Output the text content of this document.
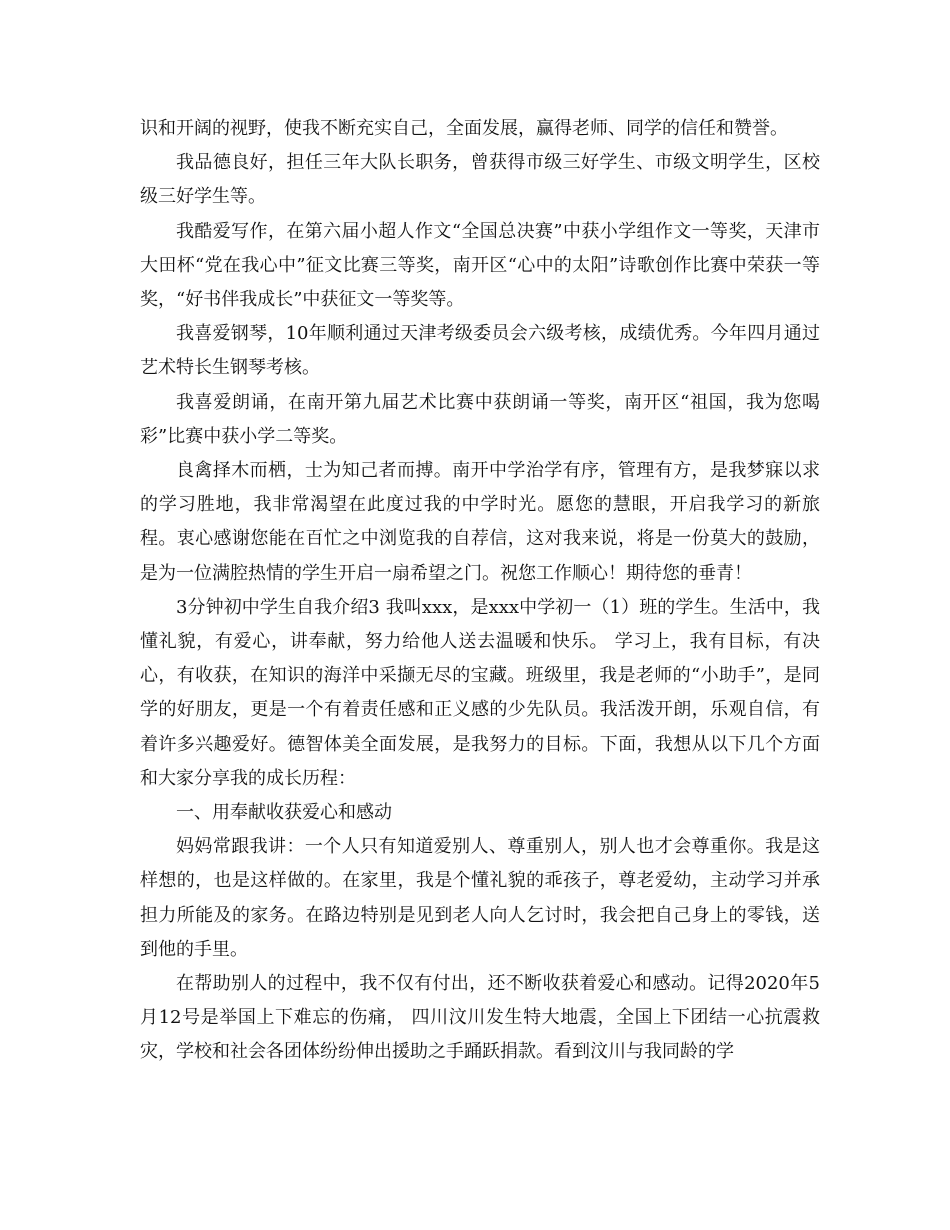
识和开阔的视野，使我不断充实自己，全面发展，赢得老师、同学的信任和赞誉。

我品德良好，担任三年大队长职务，曾获得市级三好学生、市级文明学生，区校级三好学生等。

我酷爱写作，在第六届小超人作文“全国总决赛”中获小学组作文一等奖，天津市大田杯“党在我心中”征文比赛三等奖，南开区“心中的太阳”诗歌创作比赛中荣获一等奖，“好书伴我成长”中获征文一等奖等。

我喜爱钢琴，10年顺利通过天津考级委员会六级考核，成绩优秀。今年四月通过艺术特长生钢琴考核。

我喜爱朗诵，在南开第九届艺术比赛中获朗诵一等奖，南开区“祖国，我为您喝彩”比赛中获小学二等奖。

良禽择木而栖，士为知己者而搏。南开中学治学有序，管理有方，是我梦寐以求的学习胜地，我非常渴望在此度过我的中学时光。愿您的慧眼，开启我学习的新旅程。衷心感谢您能在百忙之中浏览我的自荐信，这对我来说，将是一份莫大的鼓励，是为一位满腔热情的学生开启一扇希望之门。祝您工作顺心！期待您的垂青！

3分钟初中学生自我介绍3 我叫xxx，是xxx中学初一（1）班的学生。生活中，我懂礼貌，有爱心，讲奉献，努力给他人送去温暖和快乐。 学习上，我有目标，有决心，有收获，在知识的海洋中采撷无尽的宝藏。班级里，我是老师的“小助手”，是同学的好朋友，更是一个有着责任感和正义感的少先队员。我活泼开朗，乐观自信，有着许多兴趣爱好。德智体美全面发展，是我努力的目标。下面，我想从以下几个方面和大家分享我的成长历程：

一、用奉献收获爱心和感动

妈妈常跟我讲：一个人只有知道爱别人、尊重别人，别人也才会尊重你。我是这样想的，也是这样做的。在家里，我是个懂礼貌的乖孩子，尊老爱幼，主动学习并承担力所能及的家务。在路边特别是见到老人向人乞讨时，我会把自己身上的零钱，送到他的手里。

在帮助别人的过程中，我不仅有付出，还不断收获着爱心和感动。记得2020年5月12号是举国上下难忘的伤痛， 四川汶川发生特大地震，全国上下团结一心抗震救灾，学校和社会各团体纷纷伸出援助之手踊跃捐款。看到汶川与我同龄的学
